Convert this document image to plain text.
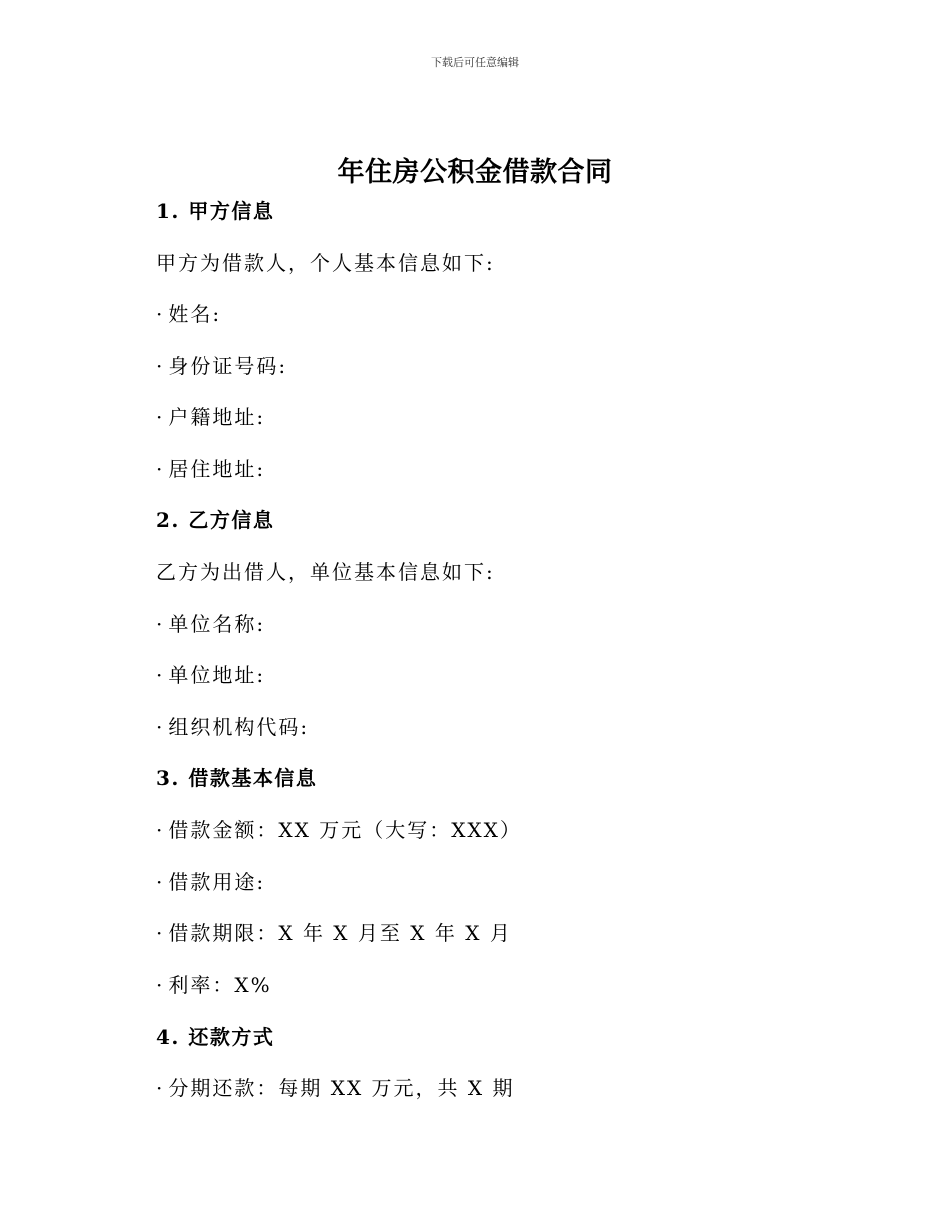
下载后可任意编辑
年住房公积金借款合同
1. 甲方信息
甲方为借款人，个人基本信息如下:
· 姓名:
· 身份证号码:
· 户籍地址:
· 居住地址:
2. 乙方信息
乙方为出借人，单位基本信息如下:
· 单位名称:
· 单位地址:
· 组织机构代码:
3. 借款基本信息
· 借款金额：XX 万元（大写：XXX）
· 借款用途:
· 借款期限：X 年 X 月至 X 年 X 月
· 利率：X%
4. 还款方式
· 分期还款：每期 XX 万元，共 X 期
